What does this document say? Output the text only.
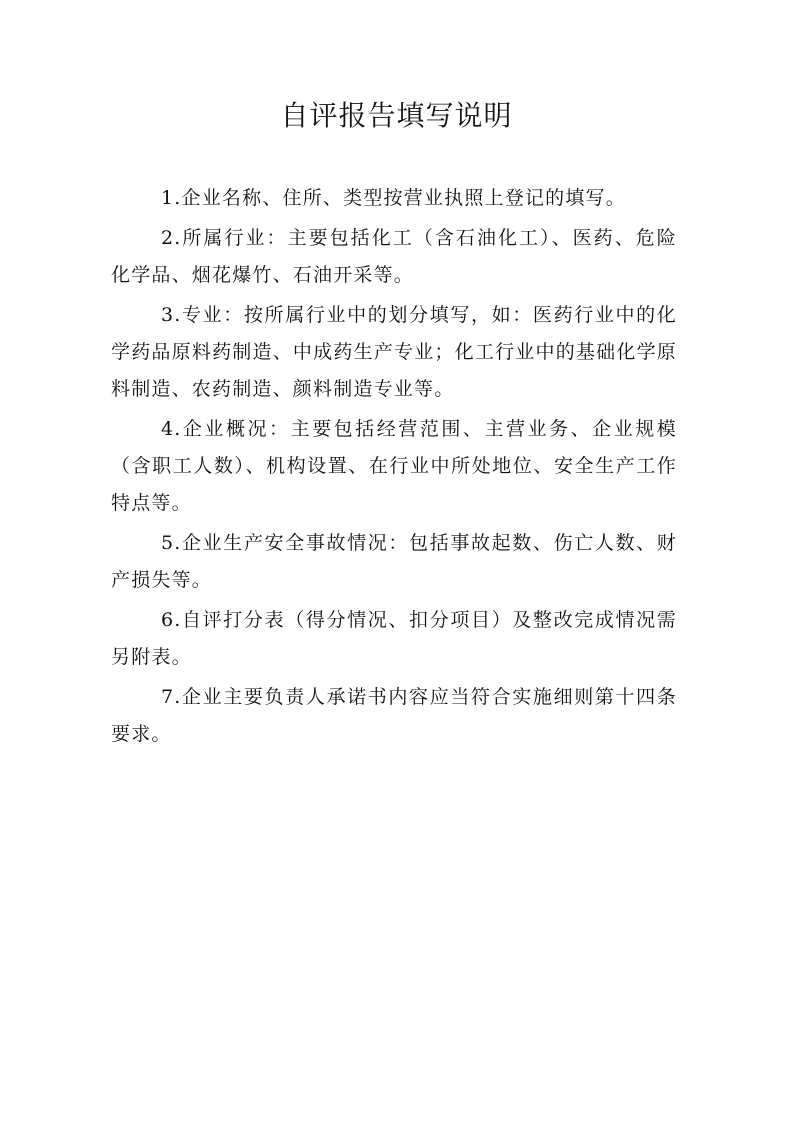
自评报告填写说明

1.企业名称、住所、类型按营业执照上登记的填写。

2.所属行业：主要包括化工（含石油化工）、医药、危险化学品、烟花爆竹、石油开采等。

3.专业：按所属行业中的划分填写，如：医药行业中的化学药品原料药制造、中成药生产专业；化工行业中的基础化学原料制造、农药制造、颜料制造专业等。

4.企业概况：主要包括经营范围、主营业务、企业规模（含职工人数）、机构设置、在行业中所处地位、安全生产工作特点等。

5.企业生产安全事故情况：包括事故起数、伤亡人数、财产损失等。

6.自评打分表（得分情况、扣分项目）及整改完成情况需另附表。

7.企业主要负责人承诺书内容应当符合实施细则第十四条要求。
